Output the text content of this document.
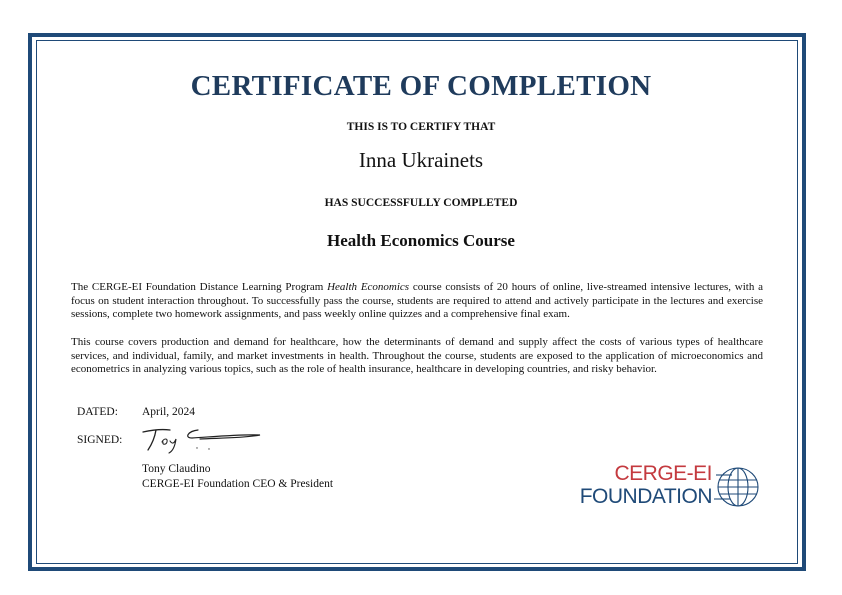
CERTIFICATE OF COMPLETION
THIS IS TO CERTIFY THAT
Inna Ukrainets
HAS SUCCESSFULLY COMPLETED
Health Economics Course
The CERGE-EI Foundation Distance Learning Program Health Economics course consists of 20 hours of online, live-streamed intensive lectures, with a focus on student interaction throughout. To successfully pass the course, students are required to attend and actively participate in the lectures and exercise sessions, complete two homework assignments, and pass weekly online quizzes and a comprehensive final exam.
This course covers production and demand for healthcare, how the determinants of demand and supply affect the costs of various types of healthcare services, and individual, family, and market investments in health. Throughout the course, students are exposed to the application of microeconomics and econometrics in analyzing various topics, such as the role of health insurance, healthcare in developing countries, and risky behavior.
DATED: April, 2024
SIGNED:
Tony Claudino
CERGE-EI Foundation CEO & President	CERGE-EI
FOUNDATION
